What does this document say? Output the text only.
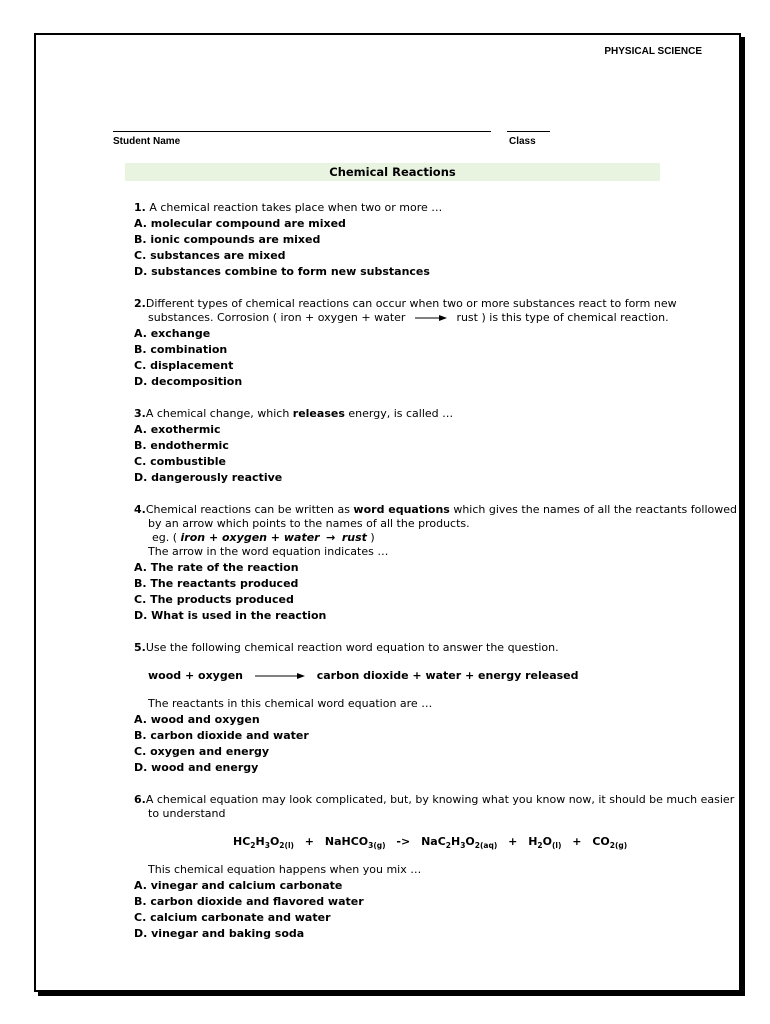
PHYSICAL SCIENCE
Student Name	Class
Chemical Reactions
1. A chemical reaction takes place when two or more …
A. molecular compound are mixed
B. ionic compounds are mixed
C. substances are mixed
D. substances combine to form new substances
2.Different types of chemical reactions can occur when two or more substances react to form new
substances. Corrosion ( iron + oxygen + water	rust ) is this type of chemical reaction.
A. exchange
B. combination
C. displacement
D. decomposition
3.A chemical change, which releases energy, is called …
A. exothermic
B. endothermic
C. combustible
D. dangerously reactive
4.Chemical reactions can be written as word equations which gives the names of all the reactants followed
by an arrow which points to the names of all the products.
eg. ( iron + oxygen + water → rust )
The arrow in the word equation indicates …
A. The rate of the reaction
B. The reactants produced
C. The products produced
D. What is used in the reaction
5.Use the following chemical reaction word equation to answer the question.
wood + oxygen	carbon dioxide + water + energy released
The reactants in this chemical word equation are …
A. wood and oxygen
B. carbon dioxide and water
C. oxygen and energy
D. wood and energy
6.A chemical equation may look complicated, but, by knowing what you know now, it should be much easier
to understand
$HC_2H_3O_{2(l)}$ + NaHCO$_{3(g)}$ -> $NaC_2H_3O_{2(aq)} + H_2O_{(l)} + CO_{2(g)}$
This chemical equation happens when you mix …
A. vinegar and calcium carbonate
B. carbon dioxide and flavored water
C. calcium carbonate and water
D. vinegar and baking soda
